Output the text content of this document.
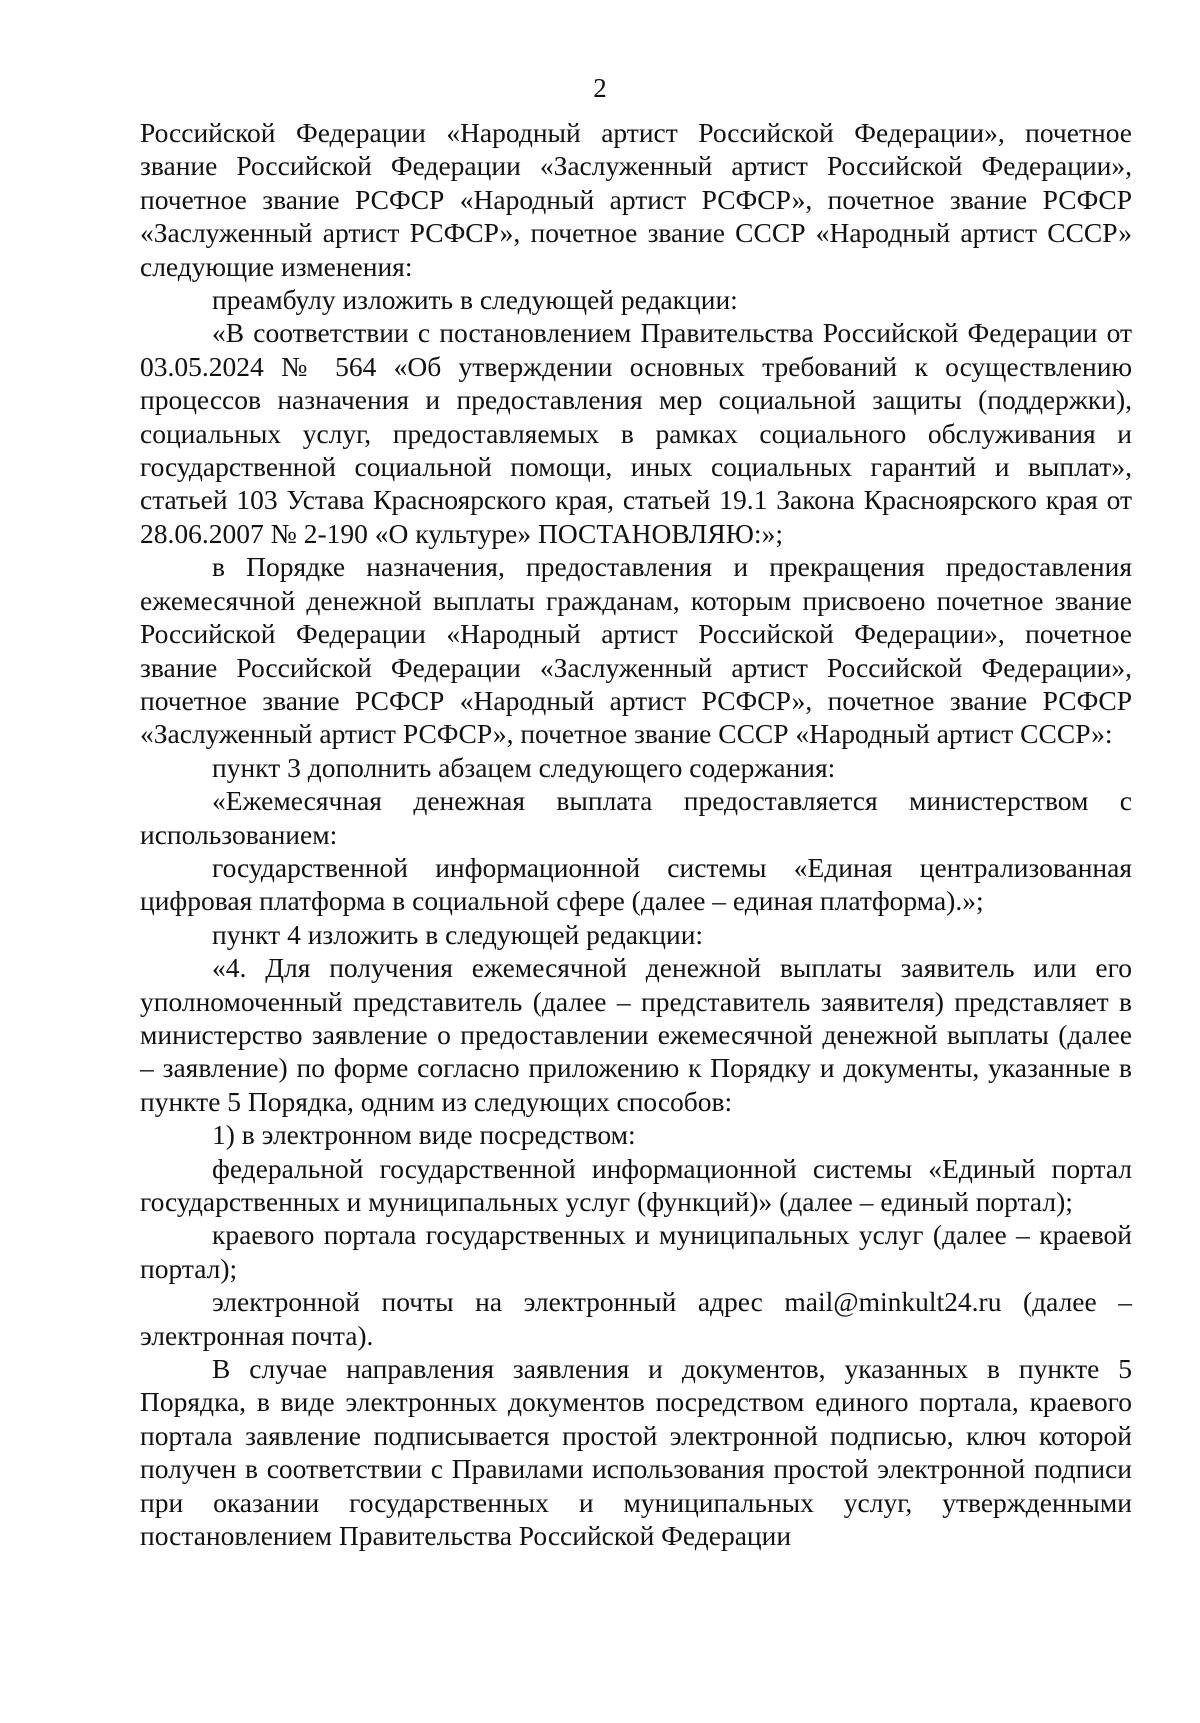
2

Российской Федерации «Народный артист Российской Федерации», почетное звание Российской Федерации «Заслуженный артист Российской Федерации», почетное звание РСФСР «Народный артист РСФСР», почетное звание РСФСР «Заслуженный артист РСФСР», почетное звание СССР «Народный артист СССР» следующие изменения:

преамбулу изложить в следующей редакции:

«В соответствии с постановлением Правительства Российской Федерации от 03.05.2024 № 564 «Об утверждении основных требований к осуществлению процессов назначения и предоставления мер социальной защиты (поддержки), социальных услуг, предоставляемых в рамках социального обслуживания и государственной социальной помощи, иных социальных гарантий и выплат», статьей 103 Устава Красноярского края, статьей 19.1 Закона Красноярского края от 28.06.2007 № 2-190 «О культуре» ПОСТАНОВЛЯЮ:»;

в Порядке назначения, предоставления и прекращения предоставления ежемесячной денежной выплаты гражданам, которым присвоено почетное звание Российской Федерации «Народный артист Российской Федерации», почетное звание Российской Федерации «Заслуженный артист Российской Федерации», почетное звание РСФСР «Народный артист РСФСР», почетное звание РСФСР «Заслуженный артист РСФСР», почетное звание СССР «Народный артист СССР»:

пункт 3 дополнить абзацем следующего содержания:

«Ежемесячная денежная выплата предоставляется министерством с использованием:

государственной информационной системы «Единая централизованная цифровая платформа в социальной сфере (далее – единая платформа).»;

пункт 4 изложить в следующей редакции:

«4. Для получения ежемесячной денежной выплаты заявитель или его уполномоченный представитель (далее – представитель заявителя) представляет в министерство заявление о предоставлении ежемесячной денежной выплаты (далее – заявление) по форме согласно приложению к Порядку и документы, указанные в пункте 5 Порядка, одним из следующих способов:

1) в электронном виде посредством:

федеральной государственной информационной системы «Единый портал государственных и муниципальных услуг (функций)» (далее – единый портал);

краевого портала государственных и муниципальных услуг (далее – краевой портал);

электронной почты на электронный адрес mail@minkult24.ru (далее – электронная почта).

В случае направления заявления и документов, указанных в пункте 5 Порядка, в виде электронных документов посредством единого портала, краевого портала заявление подписывается простой электронной подписью, ключ которой получен в соответствии с Правилами использования простой электронной подписи при оказании государственных и муниципальных услуг, утвержденными постановлением Правительства Российской Федерации
